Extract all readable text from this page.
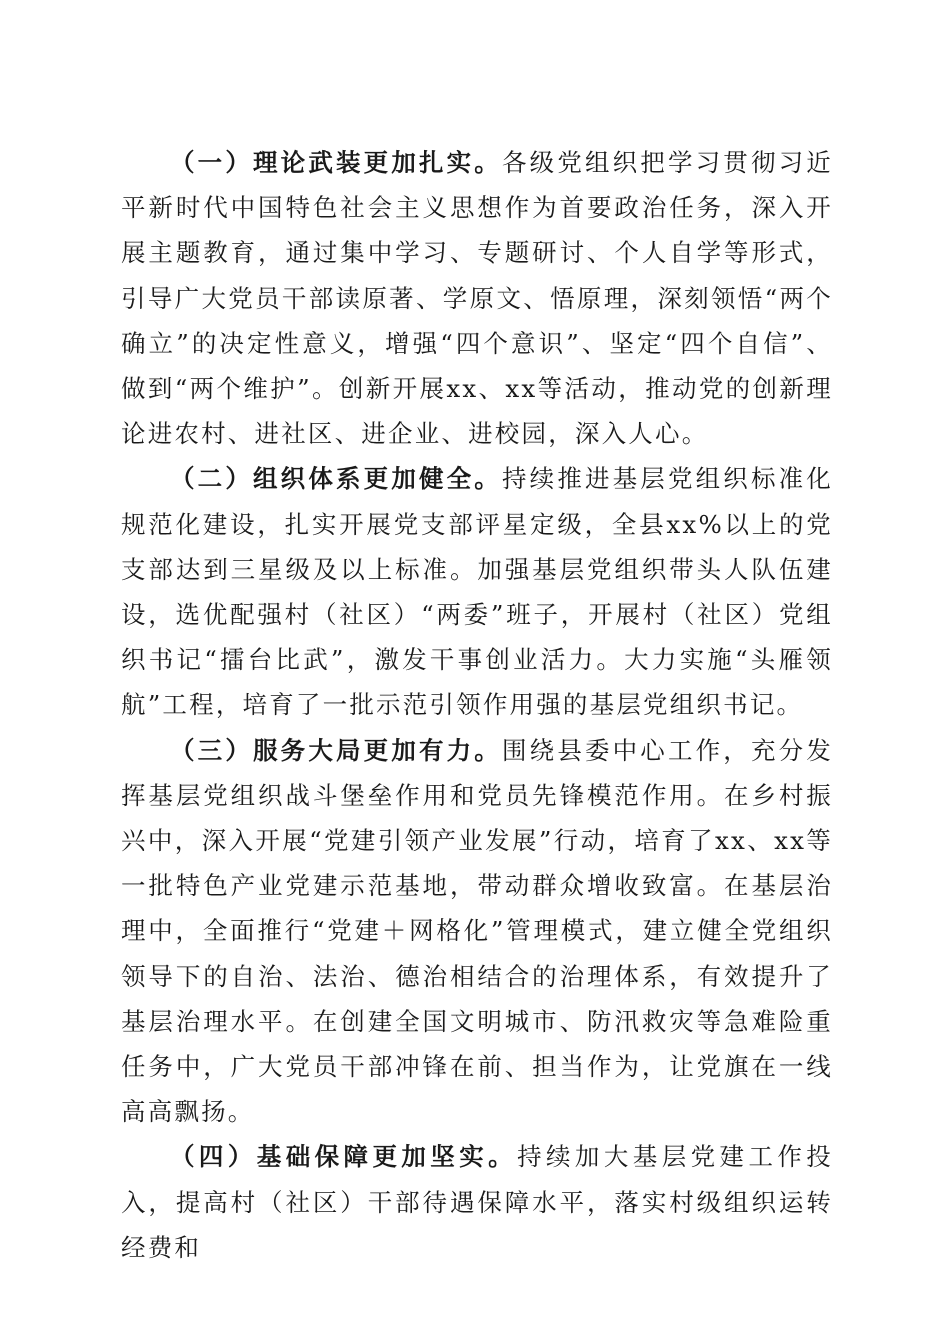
（一）理论武装更加扎实。各级党组织把学习贯彻习近平新时代中国特色社会主义思想作为首要政治任务，深入开展主题教育，通过集中学习、专题研讨、个人自学等形式，引导广大党员干部读原著、学原文、悟原理，深刻领悟“两个确立”的决定性意义，增强“四个意识”、坚定“四个自信”、做到“两个维护”。创新开展xx、xx等活动，推动党的创新理论进农村、进社区、进企业、进校园，深入人心。

（二）组织体系更加健全。持续推进基层党组织标准化规范化建设，扎实开展党支部评星定级，全县xx%以上的党支部达到三星级及以上标准。加强基层党组织带头人队伍建设，选优配强村（社区）“两委”班子，开展村（社区）党组织书记“擂台比武”，激发干事创业活力。大力实施“头雁领航”工程，培育了一批示范引领作用强的基层党组织书记。

（三）服务大局更加有力。围绕县委中心工作，充分发挥基层党组织战斗堡垒作用和党员先锋模范作用。在乡村振兴中，深入开展“党建引领产业发展”行动，培育了xx、xx等一批特色产业党建示范基地，带动群众增收致富。在基层治理中，全面推行“党建＋网格化”管理模式，建立健全党组织领导下的自治、法治、德治相结合的治理体系，有效提升了基层治理水平。在创建全国文明城市、防汛救灾等急难险重任务中，广大党员干部冲锋在前、担当作为，让党旗在一线高高飘扬。

（四）基础保障更加坚实。持续加大基层党建工作投入，提高村（社区）干部待遇保障水平，落实村级组织运转经费和
